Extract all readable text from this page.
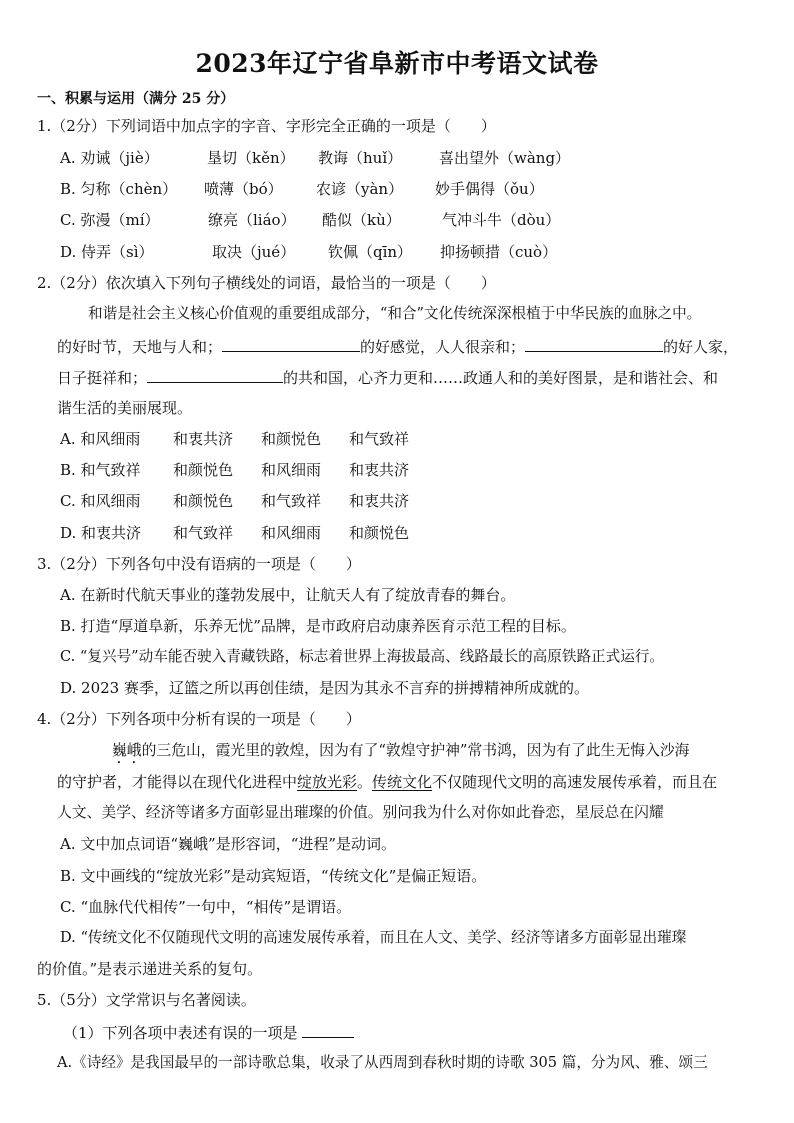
2023年辽宁省阜新市中考语文试卷
一、积累与运用（满分 25 分）
1.（2分）下列词语中加点字的字音、字形完全正确的一项是（　　）
A. 劝诫（jiè）	垦切（kěn） 教诲（huǐ） 喜出望外（wàng）
B. 匀称（chèn） 喷薄（bó） 农谚（yàn） 妙手偶得（ǒu）
C. 弥漫（mí）	缭亮（liáo） 酷似（kù）	气冲斗牛（dòu）
D. 侍弄（sì）	取决（jué） 钦佩（qīn） 抑扬顿措（cuò）
2.（2分）依次填入下列句子横线处的词语，最恰当的一项是（　　）
和谐是社会主义核心价值观的重要组成部分，“和合”文化传统深深根植于中华民族的血脉之中。
的好时节，天地与人和；	的好感觉，人人很亲和；	的好人家，
日子挺祥和；	的共和国，心齐力更和……政通人和的美好图景，是和谐社会、和
谐生活的美丽展现。
A. 和风细雨 和衷共济 和颜悦色 和气致祥
B. 和气致祥 和颜悦色 和风细雨 和衷共济
C. 和风细雨 和颜悦色 和气致祥 和衷共济
D. 和衷共济 和气致祥 和风细雨 和颜悦色
3.（2分）下列各句中没有语病的一项是（　　）
A. 在新时代航天事业的蓬勃发展中，让航天人有了绽放青春的舞台。
B. 打造“厚道阜新，乐养无忧”品牌，是市政府启动康养医育示范工程的目标。
C. “复兴号”动车能否驶入青藏铁路，标志着世界上海拔最高、线路最长的高原铁路正式运行。
D. 2023 赛季，辽篮之所以再创佳绩，是因为其永不言弃的拼搏精神所成就的。
4.（2分）下列各项中分析有误的一项是（　　）
巍峨的三危山，霞光里的敦煌，因为有了“敦煌守护神”常书鸿，因为有了此生无悔入沙海
的守护者，才能得以在现代化进程中绽放光彩。传统文化不仅随现代文明的高速发展传承着，而且在
人文、美学、经济等诸多方面彰显出璀璨的价值。别问我为什么对你如此眷恋，星辰总在闪耀
A. 文中加点词语“巍峨”是形容词，“进程”是动词。
B. 文中画线的“绽放光彩”是动宾短语，“传统文化”是偏正短语。
C. “血脉代代相传”一句中，“相传”是谓语。
D. “传统文化不仅随现代文明的高速发展传承着，而且在人文、美学、经济等诸多方面彰显出璀璨
的价值。”是表示递进关系的复句。
5.（5分）文学常识与名著阅读。
（1）下列各项中表述有误的一项是
A.《诗经》是我国最早的一部诗歌总集，收录了从西周到春秋时期的诗歌 305 篇，分为风、雅、颂三
